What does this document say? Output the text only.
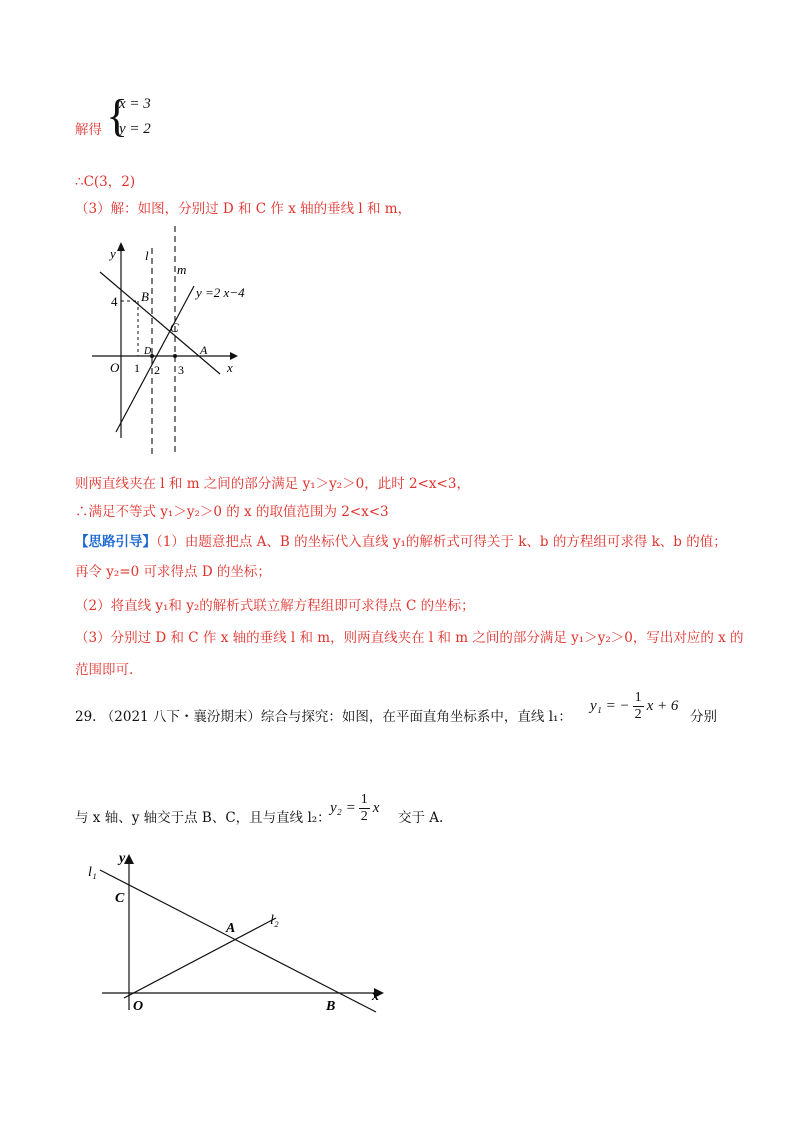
解得 {
x = 3
y = 2
∴C(3，2)
（3）解：如图，分别过 D 和 C 作 x 轴的垂线 l 和 m，
y
x
l
m
4 B	y =2 x−4
C
D	A
O 1 2 3
则两直线夹在 l 和 m 之间的部分满足 y₁＞y₂＞0，此时 2<x<3，
∴满足不等式 y₁＞y₂＞0 的 x 的取值范围为 2<x<3
【思路引导】（1）由题意把点 A、B 的坐标代入直线 y₁的解析式可得关于 k、b 的方程组可求得 k、b 的值；
再令 y₂=0 可求得点 D 的坐标；
（2）将直线 y₁和 y₂的解析式联立解方程组即可求得点 C 的坐标；
（3）分别过 D 和 C 作 x 轴的垂线 l 和 m，则两直线夹在 l 和 m 之间的部分满足 y₁＞y₂＞0，写出对应的 x 的
范围即可.
29. （2021 八下・襄汾期末）综合与探究：如图，在平面直角坐标系中，直线 l₁：
y₁ = − $\frac{1}{2}$ x + 6
分别
与 x 轴、y 轴交于点 B、C，且与直线 l₂：
$y_2 = \frac{1}{2}$ x
交于 A.
l₁
y
C
A
l₂
O	B
x
